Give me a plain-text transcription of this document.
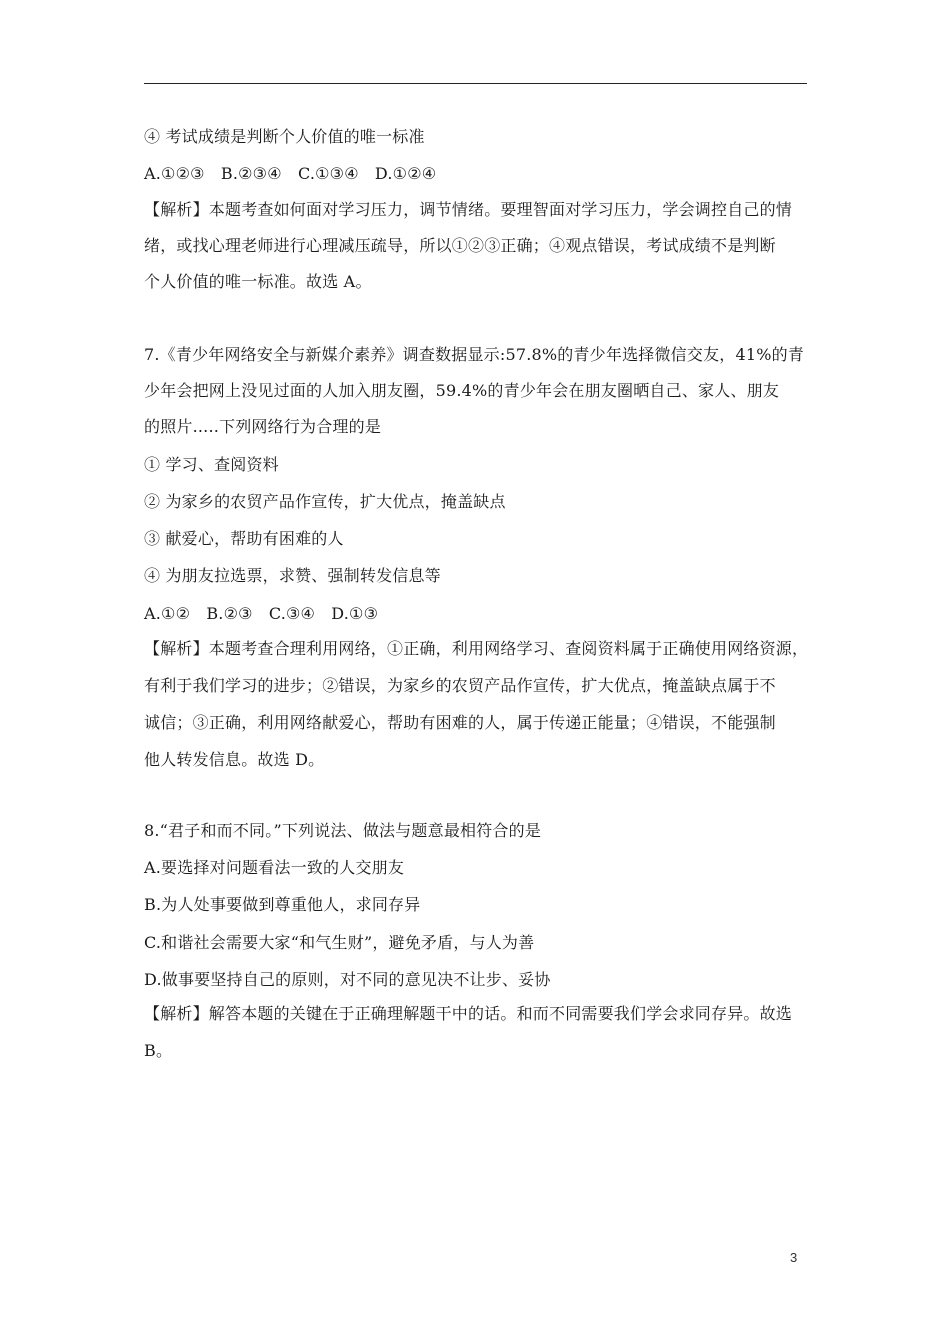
④ 考试成绩是判断个人价值的唯一标准
A.①②③　B.②③④　C.①③④　D.①②④
【解析】本题考查如何面对学习压力，调节情绪。要理智面对学习压力，学会调控自己的情
绪，或找心理老师进行心理减压疏导，所以①②③正确；④观点错误，考试成绩不是判断
个人价值的唯一标准。故选 A。
7.《青少年网络安全与新媒介素养》调查数据显示:57.8%的青少年选择微信交友，41%的青
少年会把网上没见过面的人加入朋友圈，59.4%的青少年会在朋友圈晒自己、家人、朋友
的照片.....下列网络行为合理的是
① 学习、查阅资料
② 为家乡的农贸产品作宣传，扩大优点，掩盖缺点
③ 献爱心，帮助有困难的人
④ 为朋友拉选票，求赞、强制转发信息等
A.①②　B.②③　C.③④　D.①③
【解析】本题考查合理利用网络，①正确，利用网络学习、查阅资料属于正确使用网络资源，
有利于我们学习的进步；②错误，为家乡的农贸产品作宣传，扩大优点，掩盖缺点属于不
诚信；③正确，利用网络献爱心，帮助有困难的人，属于传递正能量；④错误，不能强制
他人转发信息。故选 D。
8.“君子和而不同。”下列说法、做法与题意最相符合的是
A.要选择对问题看法一致的人交朋友
B.为人处事要做到尊重他人，求同存异
C.和谐社会需要大家“和气生财”，避免矛盾，与人为善
D.做事要坚持自己的原则，对不同的意见决不让步、妥协
【解析】解答本题的关键在于正确理解题干中的话。和而不同需要我们学会求同存异。故选
B。
3
